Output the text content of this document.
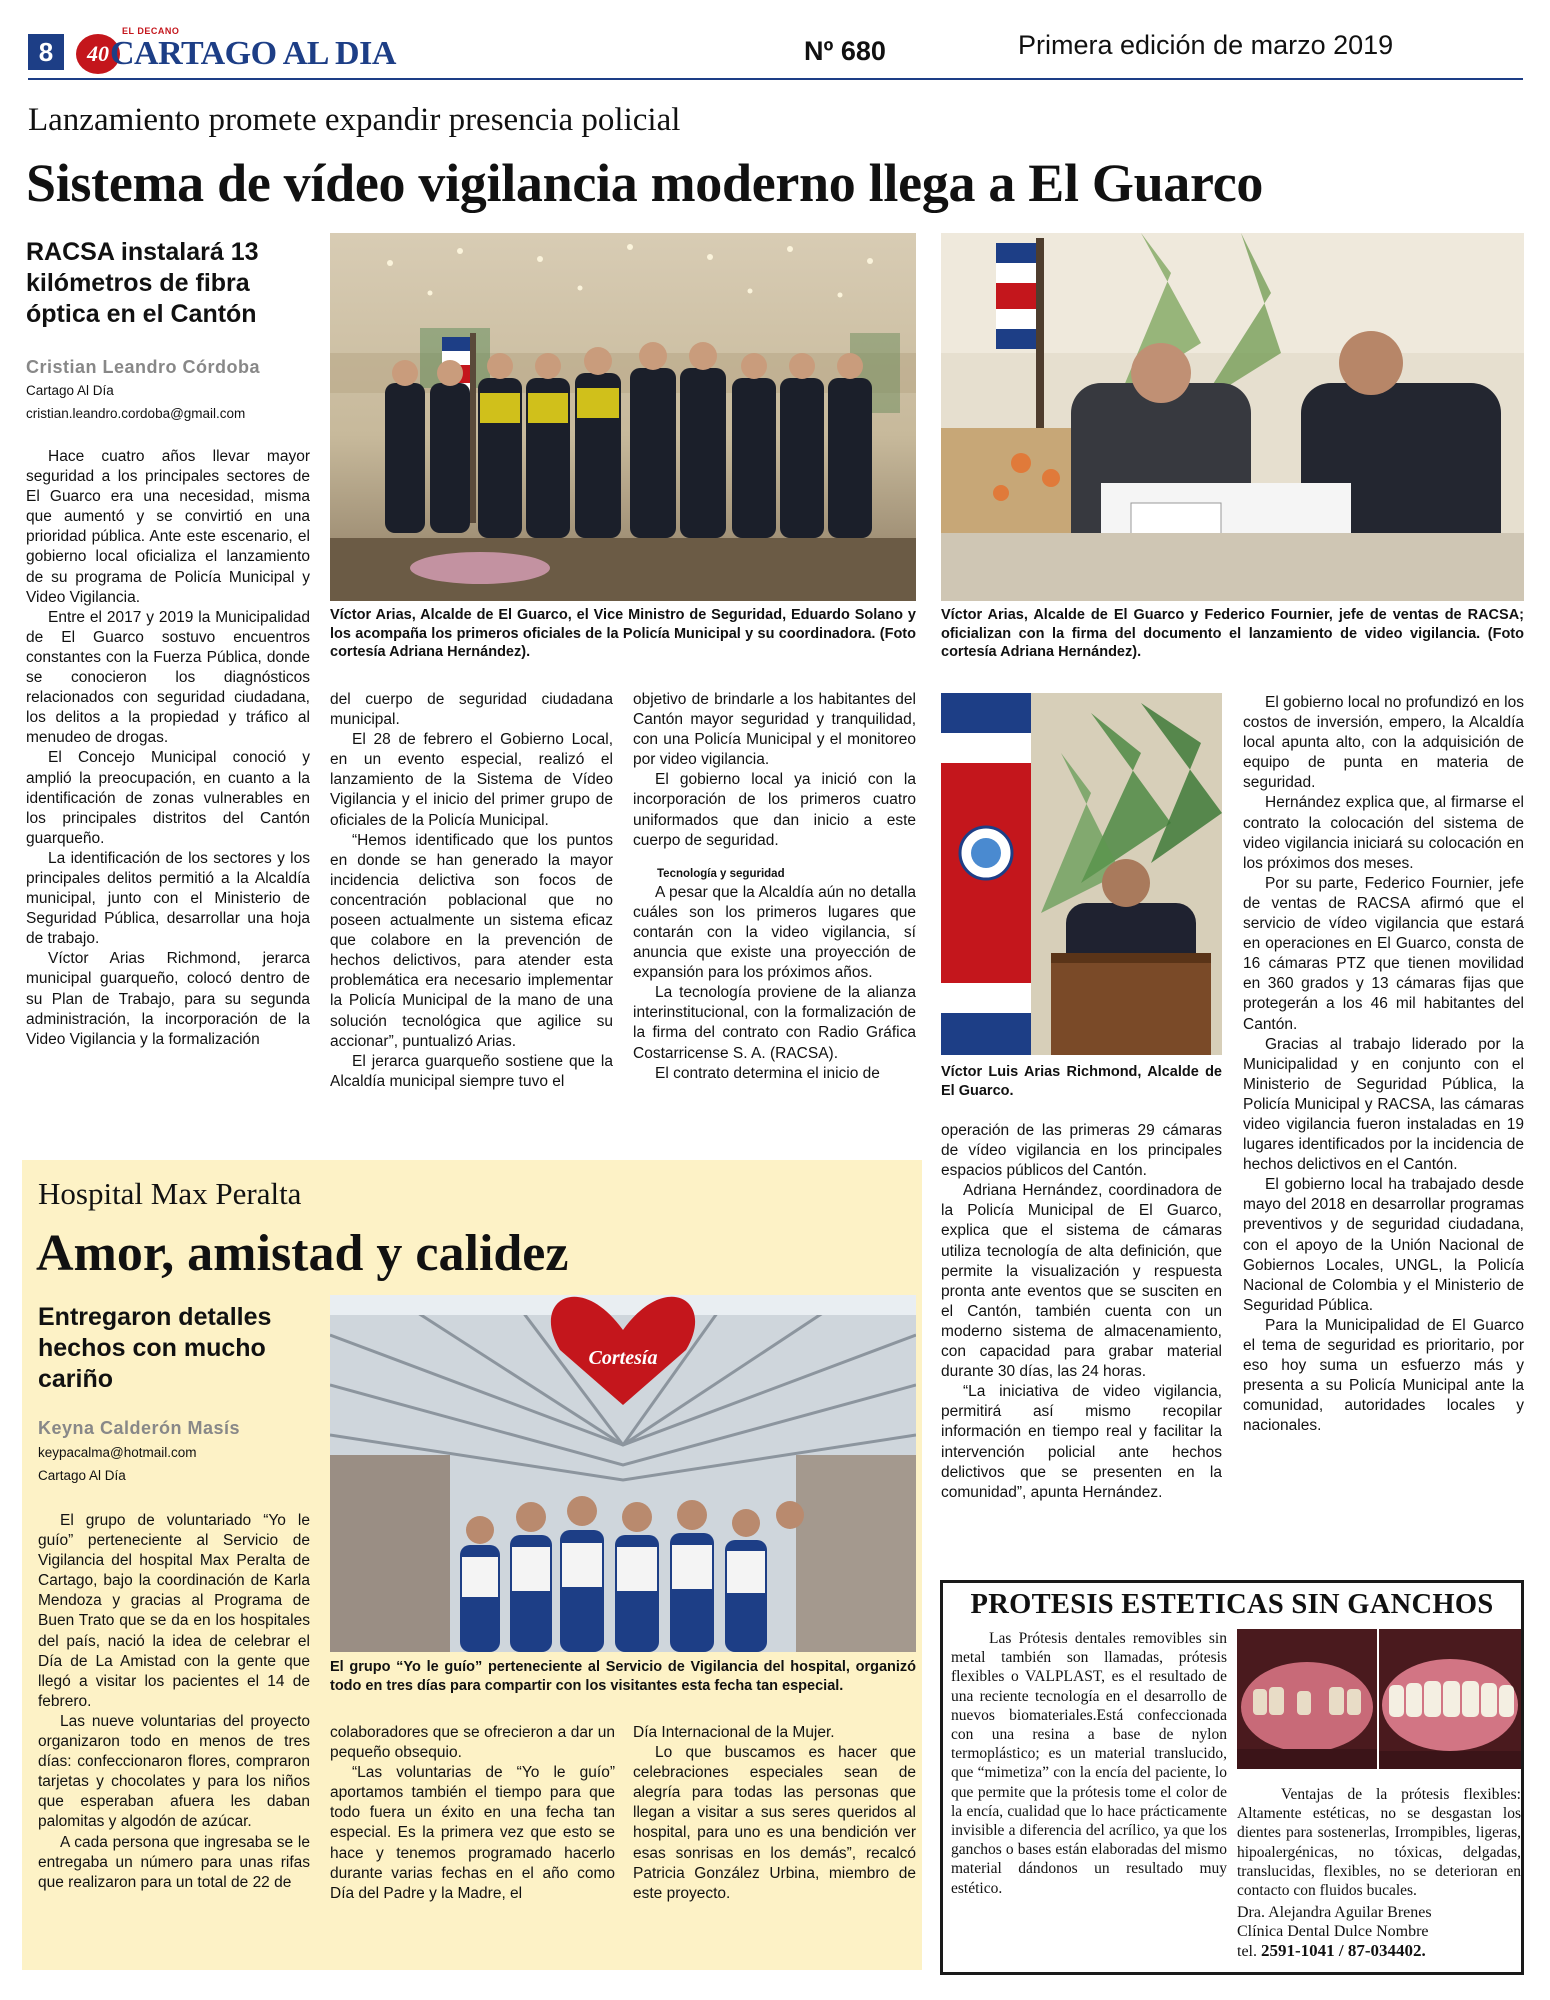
8
EL DECANO
40 CARTAGO AL DIA	Nº 680	Primera edición de marzo 2019
Lanzamiento promete expandir presencia policial
Sistema de vídeo vigilancia moderno llega a El Guarco
RACSA instalará 13 kilómetros de fibra óptica en el Cantón
Cristian Leandro Córdoba
Cartago Al Día
cristian.leandro.cordoba@gmail.com

Hace cuatro años llevar mayor seguridad a los principales sectores de El Guarco era una necesidad, misma que aumentó y se convirtió en una prioridad pública. Ante este escenario, el gobierno local oficializa el lanzamiento de su programa de Policía Municipal y Video Vigilancia.

Entre el 2017 y 2019 la Municipalidad de El Guarco sostuvo encuentros constantes con la Fuerza Pública, donde se conocieron los diagnósticos relacionados con seguridad ciudadana, los delitos a la propiedad y tráfico al menudeo de drogas.

El Concejo Municipal conoció y amplió la preocupación, en cuanto a la identificación de zonas vulnerables en los principales distritos del Cantón guarqueño.

La identificación de los sectores y los principales delitos permitió a la Alcaldía municipal, junto con el Ministerio de Seguridad Pública, desarrollar una hoja de trabajo.

Víctor Arias Richmond, jerarca municipal guarqueño, colocó dentro de su Plan de Trabajo, para su segunda administración, la incorporación de la Video Vigilancia y la formalización

Víctor Arias, Alcalde de El Guarco, el Vice Ministro de Seguridad, Eduardo Solano y los acompaña los primeros oficiales de la Policía Municipal y su coordinadora. (Foto cortesía Adriana Hernández).
Víctor Arias, Alcalde de El Guarco y Federico Fournier, jefe de ventas de RACSA; oficializan con la firma del documento el lanzamiento de video vigilancia. (Foto cortesía Adriana Hernández).

del cuerpo de seguridad ciudadana municipal.

El 28 de febrero el Gobierno Local, en un evento especial, realizó el lanzamiento de la Sistema de Vídeo Vigilancia y el inicio del primer grupo de oficiales de la Policía Municipal.

“Hemos identificado que los puntos en donde se han generado la mayor incidencia delictiva son focos de concentración poblacional que no poseen actualmente un sistema eficaz que colabore en la prevención de hechos delictivos, para atender esta problemática era necesario implementar la Policía Municipal de la mano de una solución tecnológica que agilice su accionar”, puntualizó Arias.

El jerarca guarqueño sostiene que la Alcaldía municipal siempre tuvo el

objetivo de brindarle a los habitantes del Cantón mayor seguridad y tranquilidad, con una Policía Municipal y el monitoreo por video vigilancia.

El gobierno local ya inició con la incorporación de los primeros cuatro uniformados que dan inicio a este cuerpo de seguridad.

Tecnología y seguridad

A pesar que la Alcaldía aún no detalla cuáles son los primeros lugares que contarán con la video vigilancia, sí anuncia que existe una proyección de expansión para los próximos años.

La tecnología proviene de la alianza interinstitucional, con la formalización de la firma del contrato con Radio Gráfica Costarricense S. A. (RACSA).

El contrato determina el inicio de	Víctor Luis Arias Richmond, Alcalde de El Guarco.

operación de las primeras 29 cámaras de vídeo vigilancia en los principales espacios públicos del Cantón.

Adriana Hernández, coordinadora de la Policía Municipal de El Guarco, explica que el sistema de cámaras utiliza tecnología de alta definición, que permite la visualización y respuesta pronta ante eventos que se susciten en el Cantón, también cuenta con un moderno sistema de almacenamiento, con capacidad para grabar material durante 30 días, las 24 horas.

“La iniciativa de video vigilancia, permitirá así mismo recopilar información en tiempo real y facilitar la intervención policial ante hechos delictivos que se presenten en la comunidad”, apunta Hernández.

El gobierno local no profundizó en los costos de inversión, empero, la Alcaldía local apunta alto, con la adquisición de equipo de punta en materia de seguridad.

Hernández explica que, al firmarse el contrato la colocación del sistema de video vigilancia iniciará su colocación en los próximos dos meses.

Por su parte, Federico Fournier, jefe de ventas de RACSA afirmó que el servicio de vídeo vigilancia que estará en operaciones en El Guarco, consta de 16 cámaras PTZ que tienen movilidad en 360 grados y 13 cámaras fijas que protegerán a los 46 mil habitantes del Cantón.

Gracias al trabajo liderado por la Municipalidad y en conjunto con el Ministerio de Seguridad Pública, la Policía Municipal y RACSA, las cámaras video vigilancia fueron instaladas en 19 lugares identificados por la incidencia de hechos delictivos en el Cantón.

El gobierno local ha trabajado desde mayo del 2018 en desarrollar programas preventivos y de seguridad ciudadana, con el apoyo de la Unión Nacional de Gobiernos Locales, UNGL, la Policía Nacional de Colombia y el Ministerio de Seguridad Pública.

Para la Municipalidad de El Guarco el tema de seguridad es prioritario, por eso hoy suma un esfuerzo más y presenta a su Policía Municipal ante la comunidad, autoridades locales y nacionales.

Hospital Max Peralta
Amor, amistad y calidez
Entregaron detalles hechos con mucho cariño
Keyna Calderón Masís
keypacalma@hotmail.com
Cartago Al Día

El grupo de voluntariado “Yo le guío” perteneciente al Servicio de Vigilancia del hospital Max Peralta de Cartago, bajo la coordinación de Karla Mendoza y gracias al Programa de Buen Trato que se da en los hospitales del país, nació la idea de celebrar el Día de La Amistad con la gente que llegó a visitar los pacientes el 14 de febrero.

Las nueve voluntarias del proyecto organizaron todo en menos de tres días: confeccionaron flores, compraron tarjetas y chocolates y para los niños que esperaban afuera les daban palomitas y algodón de azúcar.

A cada persona que ingresaba se le entregaba un número para unas rifas que realizaron para un total de 22 de

Cortesía
El grupo “Yo le guío” perteneciente al Servicio de Vigilancia del hospital, organizó todo en tres días para compartir con los visitantes esta fecha tan especial.

colaboradores que se ofrecieron a dar un pequeño obsequio.

“Las voluntarias de “Yo le guío” aportamos también el tiempo para que todo fuera un éxito en una fecha tan especial. Es la primera vez que esto se hace y tenemos programado hacerlo durante varias fechas en el año como Día del Padre y la Madre, el

Día Internacional de la Mujer.

Lo que buscamos es hacer que celebraciones especiales sean de alegría para todas las personas que llegan a visitar a sus seres queridos al hospital, para uno es una bendición ver esas sonrisas en los demás”, recalcó Patricia González Urbina, miembro de este proyecto.

PROTESIS ESTETICAS SIN GANCHOS
Las Prótesis dentales removibles sin metal también son llamadas, prótesis flexibles o VALPLAST, es el resultado de una reciente tecnología en el desarrollo de nuevos biomateriales.Está confeccionada con una resina a base de nylon termoplástico; es un material translucido, que “mimetiza” con la encía del paciente, lo que permite que la prótesis tome el color de la encía, cualidad que lo hace prácticamente invisible a diferencia del acrílico, ya que los ganchos o bases están elaboradas del mismo material dándonos un resultado muy estético.
Ventajas de la prótesis flexibles: Altamente estéticas, no se desgastan los dientes para sostenerlas, Irrompibles, ligeras, hipoalergénicas, no tóxicas, delgadas, translucidas, flexibles, no se deterioran en contacto con fluidos bucales.
Dra. Alejandra Aguilar Brenes
Clínica Dental Dulce Nombre
tel. 2591-1041 / 87-034402.
